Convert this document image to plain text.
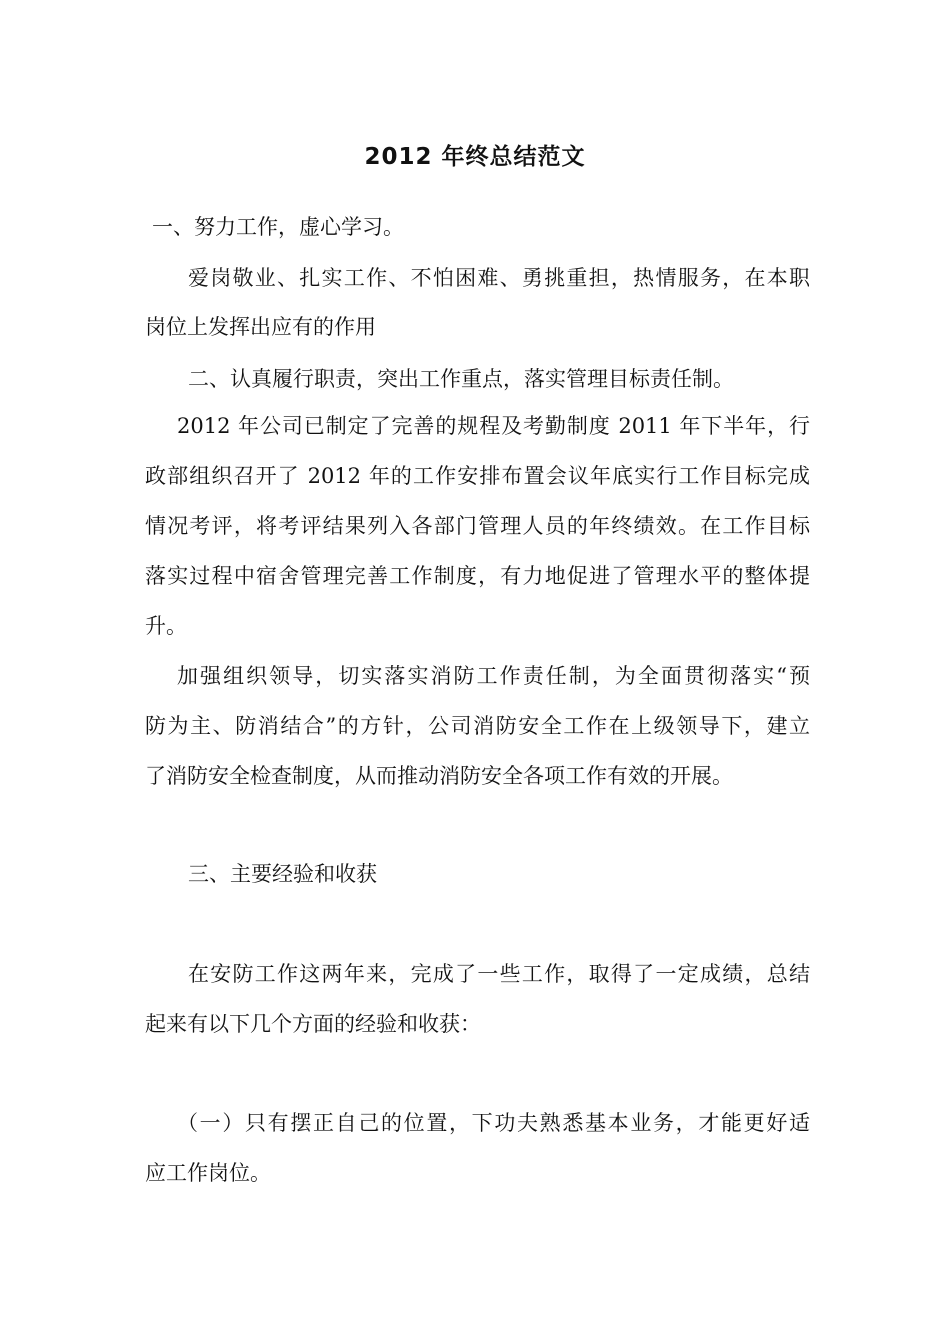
2012 年终总结范文
一、努力工作，虚心学习。
爱岗敬业、扎实工作、不怕困难、勇挑重担，热情服务，在本职
岗位上发挥出应有的作用
二、认真履行职责，突出工作重点，落实管理目标责任制。
2012 年公司已制定了完善的规程及考勤制度 2011 年下半年，行
政部组织召开了 2012 年的工作安排布置会议年底实行工作目标完成
情况考评，将考评结果列入各部门管理人员的年终绩效。在工作目标
落实过程中宿舍管理完善工作制度，有力地促进了管理水平的整体提
升。
加强组织领导，切实落实消防工作责任制，为全面贯彻落实“预
防为主、防消结合”的方针，公司消防安全工作在上级领导下，建立
了消防安全检查制度，从而推动消防安全各项工作有效的开展。
三、主要经验和收获
在安防工作这两年来，完成了一些工作，取得了一定成绩，总结
起来有以下几个方面的经验和收获：
（一）只有摆正自己的位置，下功夫熟悉基本业务，才能更好适
应工作岗位。
